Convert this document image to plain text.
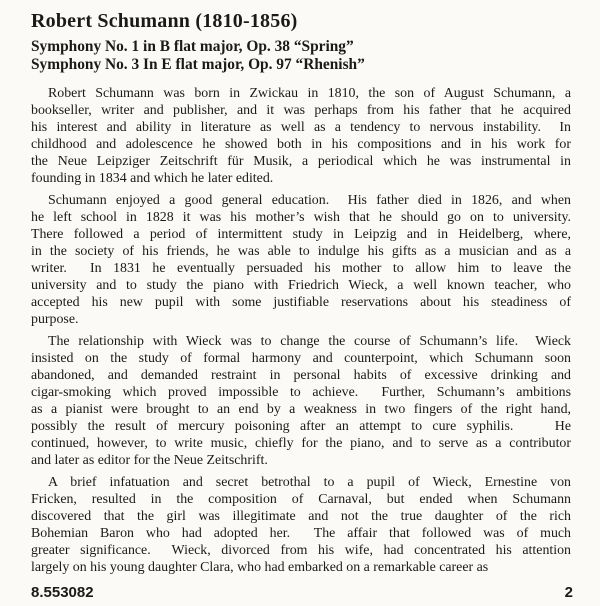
Robert Schumann (1810-1856)
Symphony No. 1 in B flat major, Op. 38 “Spring”
Symphony No. 3 In E flat major, Op. 97 “Rhenish”
Robert Schumann was born in Zwickau in 1810, the son of August Schumann, a
bookseller, writer and publisher, and it was perhaps from his father that he acquired
his interest and ability in literature as well as a tendency to nervous instability.  In
childhood and adolescence he showed both in his compositions and in his work for
the Neue Leipziger Zeitschrift für Musik, a periodical which he was instrumental in
founding in 1834 and which he later edited.
Schumann enjoyed a good general education.  His father died in 1826, and when
he left school in 1828 it was his mother’s wish that he should go on to university.
There followed a period of intermittent study in Leipzig and in Heidelberg, where,
in the society of his friends, he was able to indulge his gifts as a musician and as a
writer.  In 1831 he eventually persuaded his mother to allow him to leave the
university and to study the piano with Friedrich Wieck, a well known teacher, who
accepted his new pupil with some justifiable reservations about his steadiness of
purpose.
The relationship with Wieck was to change the course of Schumann’s life.  Wieck
insisted on the study of formal harmony and counterpoint, which Schumann soon
abandoned, and demanded restraint in personal habits of excessive drinking and
cigar-smoking which proved impossible to achieve.  Further, Schumann’s ambitions
as a pianist were brought to an end by a weakness in two fingers of the right hand,
possibly the result of mercury poisoning after an attempt to cure syphilis.    He
continued, however, to write music, chiefly for the piano, and to serve as a contributor
and later as editor for the Neue Zeitschrift.
A brief infatuation and secret betrothal to a pupil of Wieck, Ernestine von
Fricken, resulted in the composition of Carnaval, but ended when Schumann
discovered that the girl was illegitimate and not the true daughter of the rich
Bohemian Baron who had adopted her.  The affair that followed was of much
greater significance.  Wieck, divorced from his wife, had concentrated his attention
largely on his young daughter Clara, who had embarked on a remarkable career as
8.553082	2
